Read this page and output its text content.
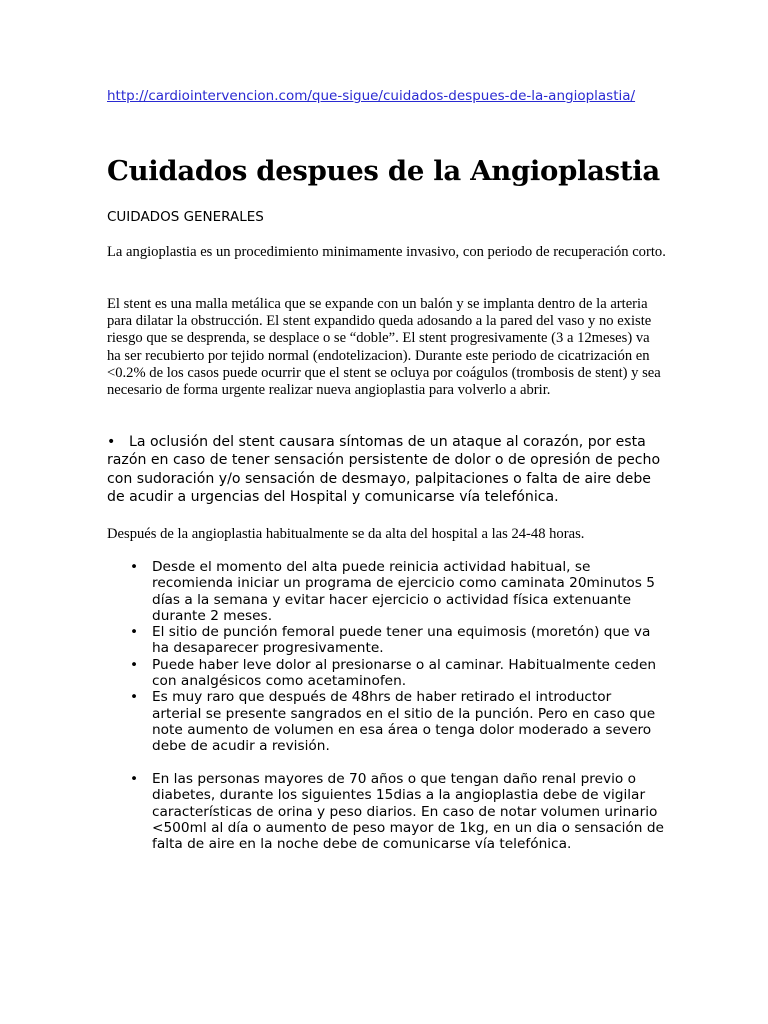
http://cardiointervencion.com/que-sigue/cuidados-despues-de-la-angioplastia/
Cuidados despues de la Angioplastia
CUIDADOS GENERALES

La angioplastia es un procedimiento minimamente invasivo, con periodo de recuperación corto.

El stent es una malla metálica que se expande con un balón y se implanta dentro de la arteria para dilatar la obstrucción. El stent expandido queda adosando a la pared del vaso y no existe riesgo que se desprenda, se desplace o se “doble”. El stent progresivamente (3 a 12meses) va ha ser recubierto por tejido normal (endotelizacion). Durante este periodo de cicatrización en <0.2% de los casos puede ocurrir que el stent se ocluya por coágulos (trombosis de stent) y sea necesario de forma urgente realizar nueva angioplastia para volverlo a abrir.

• La oclusión del stent causara síntomas de un ataque al corazón, por esta razón en caso de tener sensación persistente de dolor o de opresión de pecho con sudoración y/o sensación de desmayo, palpitaciones o falta de aire debe de acudir a urgencias del Hospital y comunicarse vía telefónica.

Después de la angioplastia habitualmente se da alta del hospital a las 24-48 horas.

• Desde el momento del alta puede reinicia actividad habitual, se recomienda iniciar un programa de ejercicio como caminata 20minutos 5 días a la semana y evitar hacer ejercicio o actividad física extenuante durante 2 meses.
• El sitio de punción femoral puede tener una equimosis (moretón) que va ha desaparecer progresivamente.
• Puede haber leve dolor al presionarse o al caminar. Habitualmente ceden con analgésicos como acetaminofen.
• Es muy raro que después de 48hrs de haber retirado el introductor arterial se presente sangrados en el sitio de la punción. Pero en caso que note aumento de volumen en esa área o tenga dolor moderado a severo debe de acudir a revisión.
• En las personas mayores de 70 años o que tengan daño renal previo o diabetes, durante los siguientes 15dias a la angioplastia debe de vigilar características de orina y peso diarios. En caso de notar volumen urinario <500ml al día o aumento de peso mayor de 1kg, en un dia o sensación de falta de aire en la noche debe de comunicarse vía telefónica.
